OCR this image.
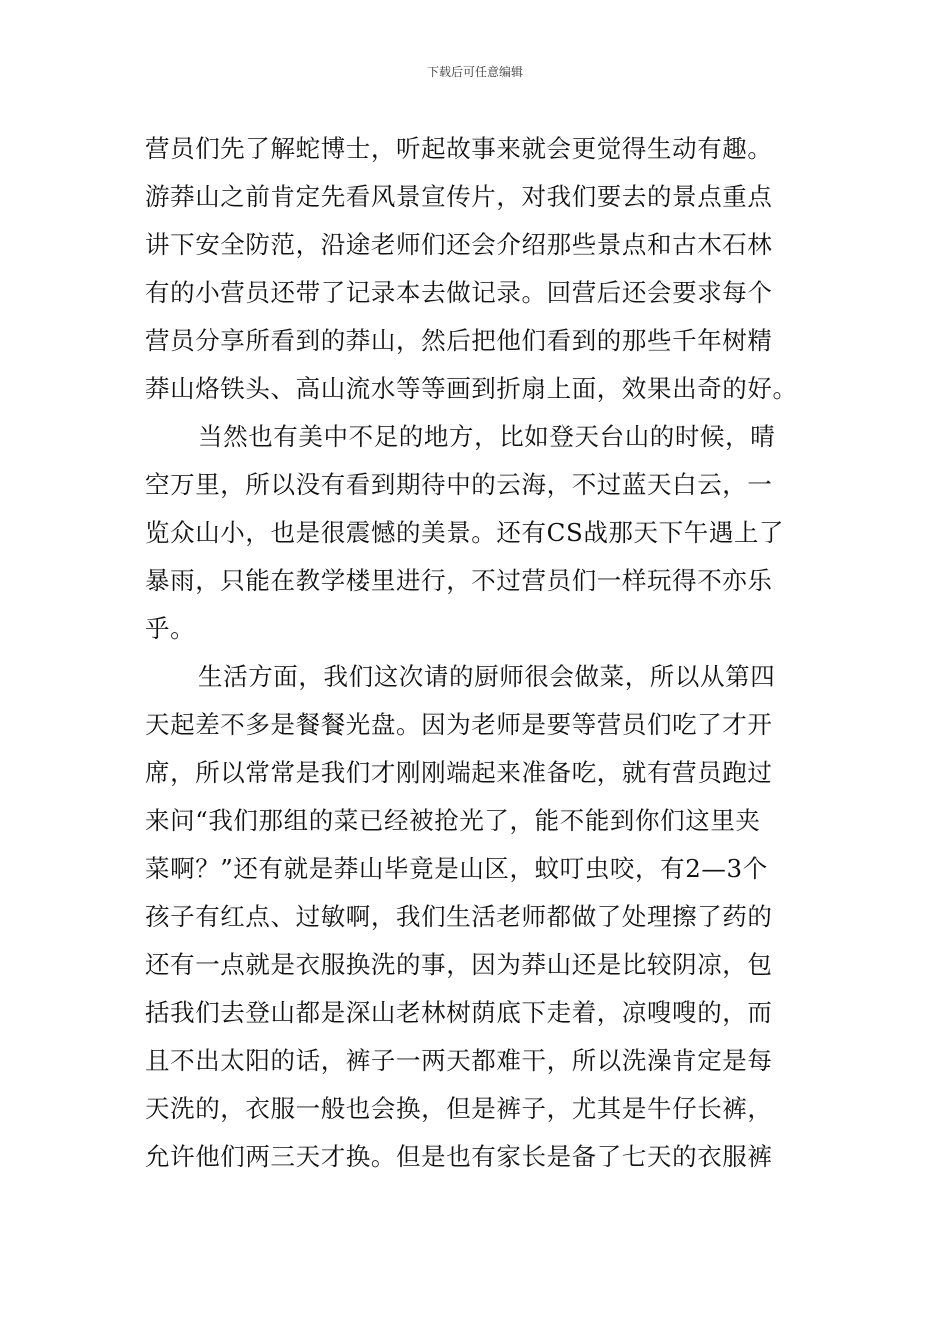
下载后可任意编辑
营员们先了解蛇博士，听起故事来就会更觉得生动有趣。
游莽山之前肯定先看风景宣传片，对我们要去的景点重点
讲下安全防范，沿途老师们还会介绍那些景点和古木石林
有的小营员还带了记录本去做记录。回营后还会要求每个
营员分享所看到的莽山，然后把他们看到的那些千年树精
莽山烙铁头、高山流水等等画到折扇上面，效果出奇的好。
当然也有美中不足的地方，比如登天台山的时候，晴
空万里，所以没有看到期待中的云海，不过蓝天白云，一
览众山小，也是很震憾的美景。还有CS战那天下午遇上了
暴雨，只能在教学楼里进行，不过营员们一样玩得不亦乐
乎。
生活方面，我们这次请的厨师很会做菜，所以从第四
天起差不多是餐餐光盘。因为老师是要等营员们吃了才开
席，所以常常是我们才刚刚端起来准备吃，就有营员跑过
来问“我们那组的菜已经被抢光了，能不能到你们这里夹
菜啊？”还有就是莽山毕竟是山区，蚊叮虫咬，有2—3个
孩子有红点、过敏啊，我们生活老师都做了处理擦了药的
还有一点就是衣服换洗的事，因为莽山还是比较阴凉，包
括我们去登山都是深山老林树荫底下走着，凉嗖嗖的，而
且不出太阳的话，裤子一两天都难干，所以洗澡肯定是每
天洗的，衣服一般也会换，但是裤子，尤其是牛仔长裤，
允许他们两三天才换。但是也有家长是备了七天的衣服裤
